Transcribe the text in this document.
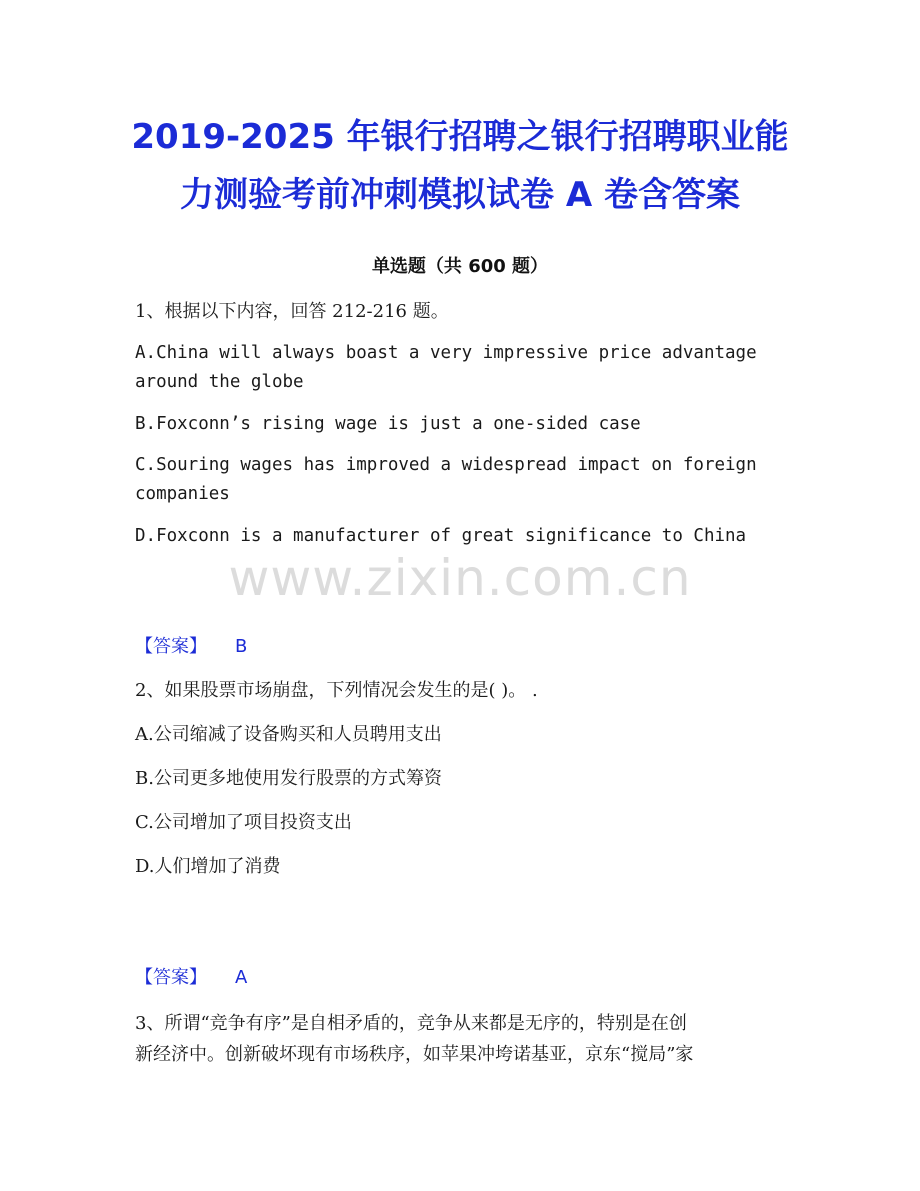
2019-2025 年银行招聘之银行招聘职业能
力测验考前冲刺模拟试卷 A 卷含答案
单选题（共 600 题）
1、根据以下内容，回答 212-216 题。
A.China will always boast a very impressive price advantage
around the globe
B.Foxconn’s rising wage is just a one-sided case
C.Souring wages has improved a widespread impact on foreign
companies
D.Foxconn is a manufacturer of great significance to China
www.zixin.com.cn
【答案】 B
2、如果股票市场崩盘，下列情况会发生的是( )。 .
A.公司缩减了设备购买和人员聘用支出
B.公司更多地使用发行股票的方式筹资
C.公司增加了项目投资支出
D.人们增加了消费
【答案】 A
3、所谓“竞争有序”是自相矛盾的，竞争从来都是无序的，特别是在创
新经济中。创新破坏现有市场秩序，如苹果冲垮诺基亚，京东“搅局”家
